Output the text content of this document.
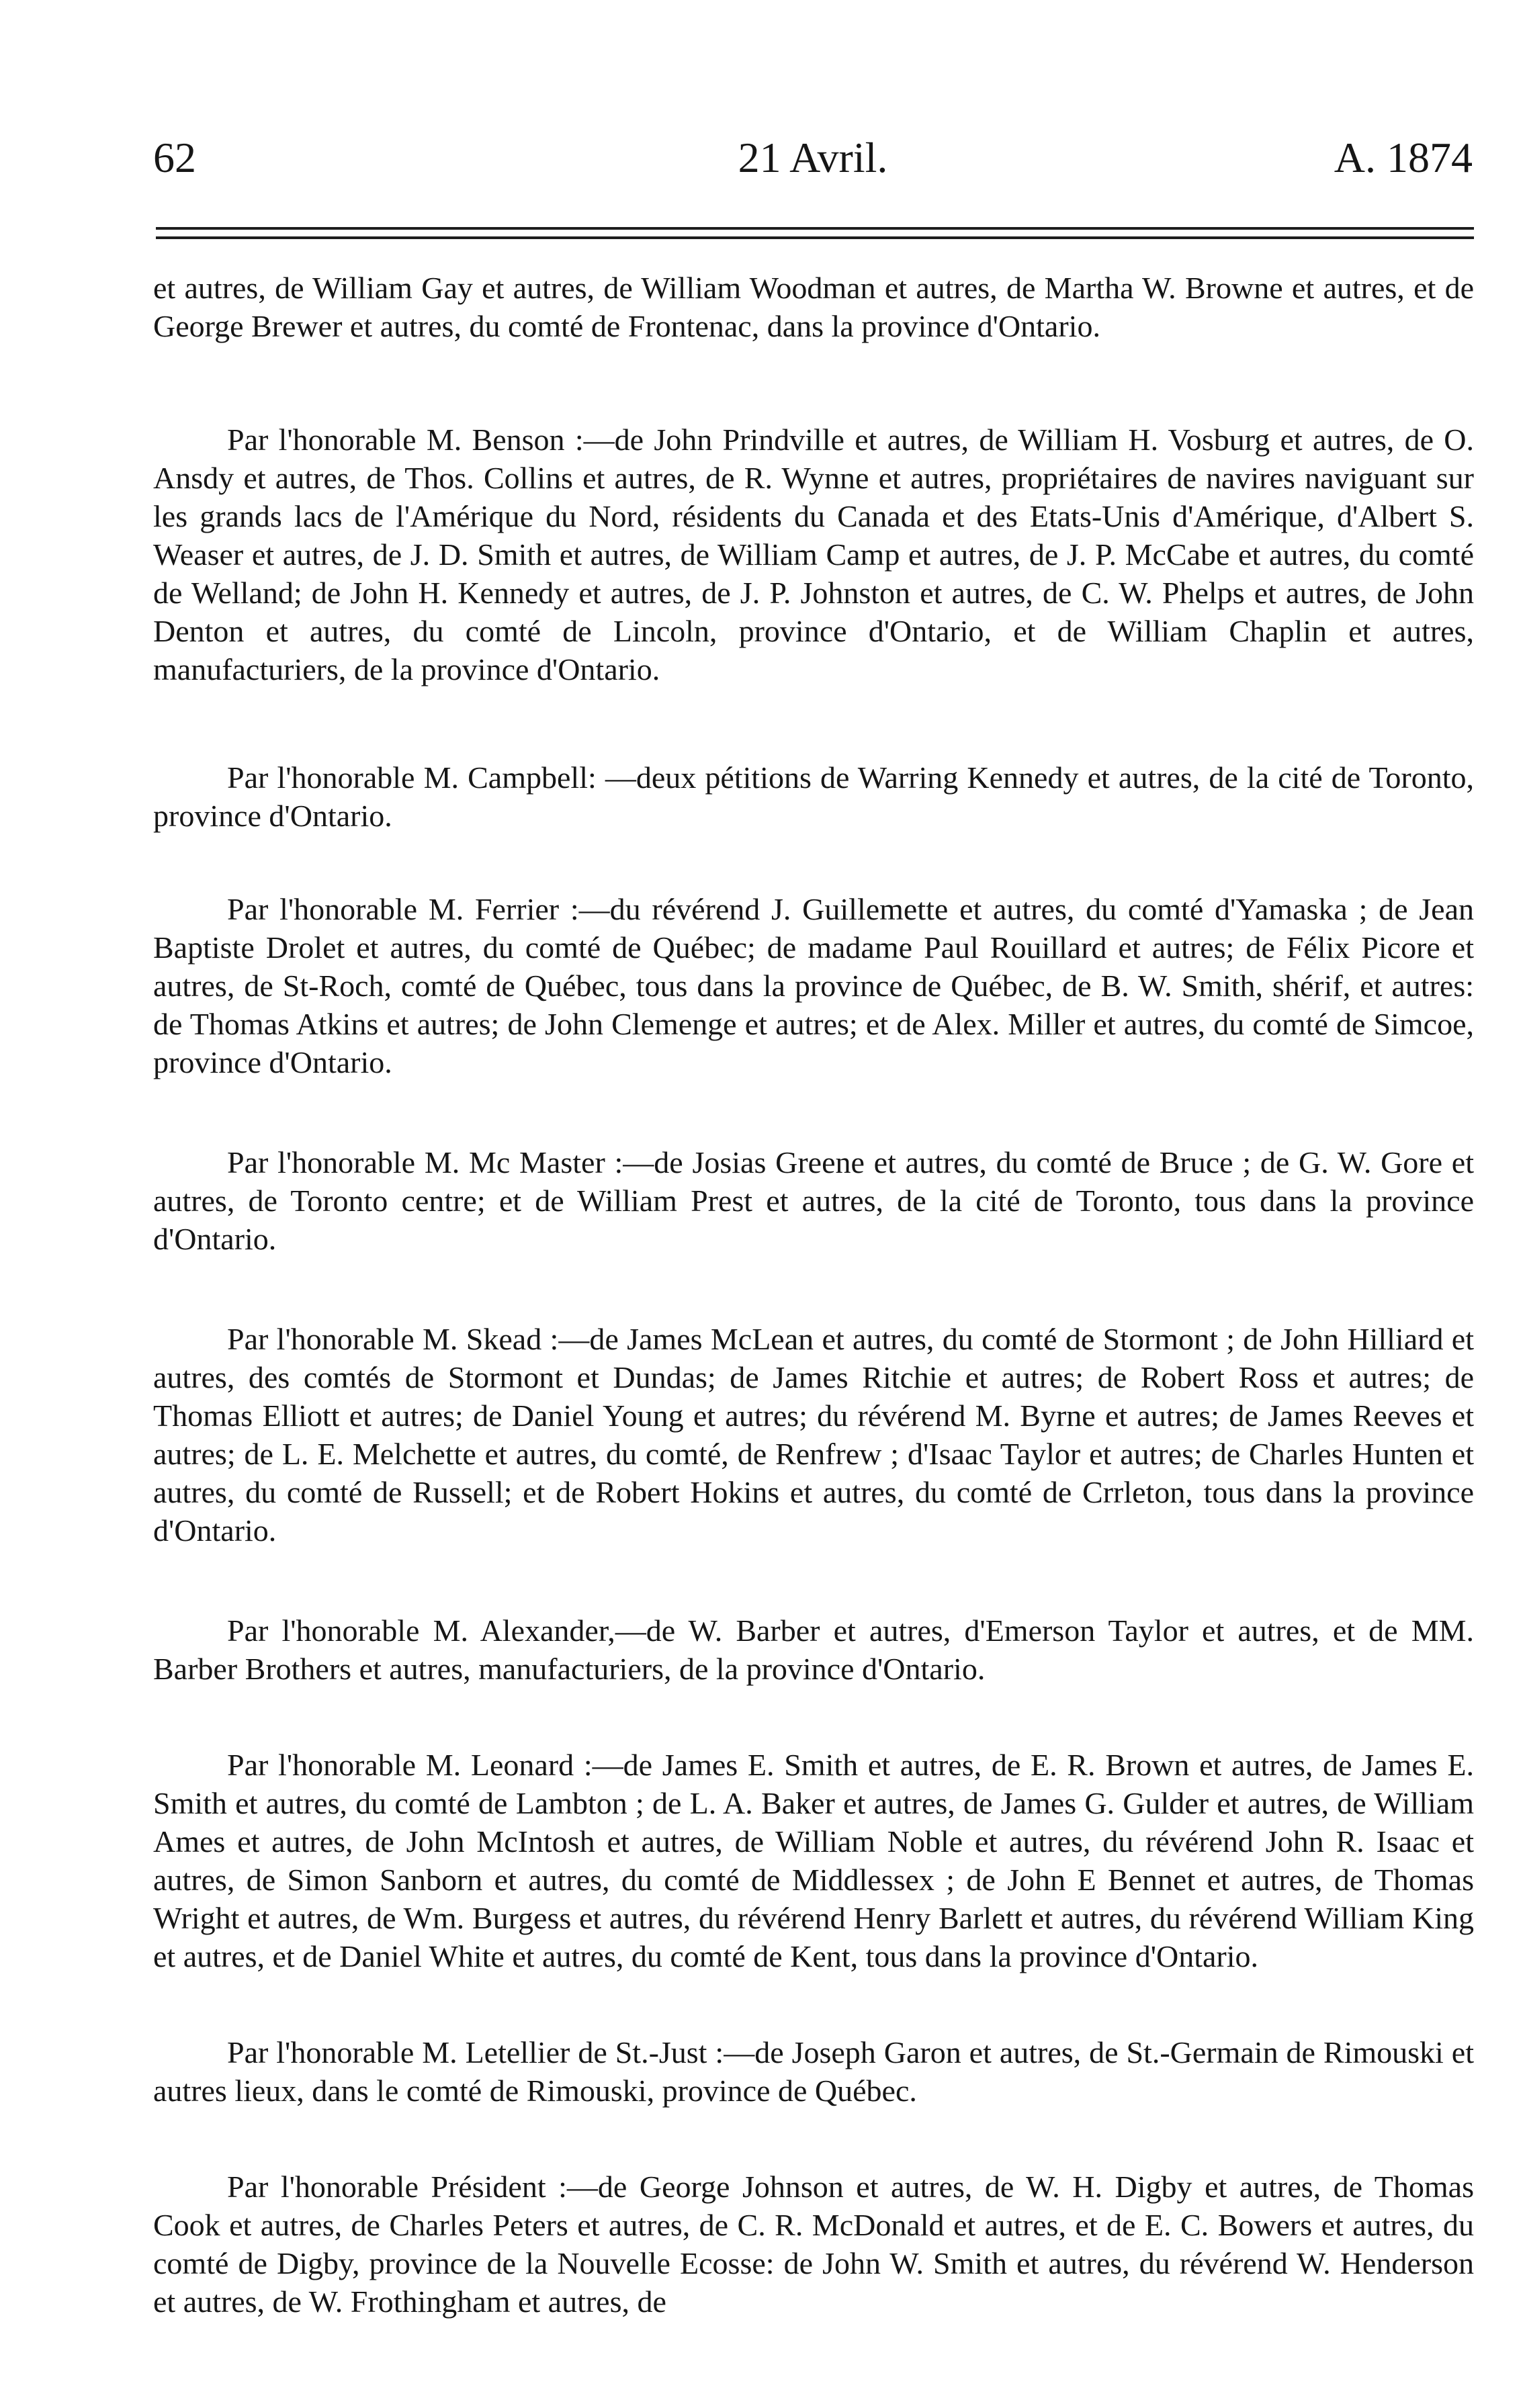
62	21 Avril.	A. 1874

et autres, de William Gay et autres, de William Woodman et autres, de Martha W. Browne et autres, et de George Brewer et autres, du comté de Frontenac, dans la province d'Ontario.

Par l'honorable M. Benson :—de John Prindville et autres, de William H. Vosburg et autres, de O. Ansdy et autres, de Thos. Collins et autres, de R. Wynne et autres, propriétaires de navires naviguant sur les grands lacs de l'Amérique du Nord, résidents du Canada et des Etats-Unis d'Amérique, d'Albert S. Weaser et autres, de J. D. Smith et autres, de William Camp et autres, de J. P. McCabe et autres, du comté de Welland; de John H. Kennedy et autres, de J. P. Johnston et autres, de C. W. Phelps et autres, de John Denton et autres, du comté de Lincoln, province d'Ontario, et de William Chaplin et autres, manufacturiers, de la province d'Ontario.

Par l'honorable M. Campbell: —deux pétitions de Warring Kennedy et autres, de la cité de Toronto, province d'Ontario.

Par l'honorable M. Ferrier :—du révérend J. Guillemette et autres, du comté d'Yamaska ; de Jean Baptiste Drolet et autres, du comté de Québec; de madame Paul Rouillard et autres; de Félix Picore et autres, de St-Roch, comté de Québec, tous dans la province de Québec, de B. W. Smith, shérif, et autres: de Thomas Atkins et autres; de John Clemenge et autres; et de Alex. Miller et autres, du comté de Simcoe, province d'Ontario.

Par l'honorable M. Mc Master :—de Josias Greene et autres, du comté de Bruce ; de G. W. Gore et autres, de Toronto centre; et de William Prest et autres, de la cité de Toronto, tous dans la province d'Ontario.

Par l'honorable M. Skead :—de James McLean et autres, du comté de Stormont ; de John Hilliard et autres, des comtés de Stormont et Dundas; de James Ritchie et autres; de Robert Ross et autres; de Thomas Elliott et autres; de Daniel Young et autres; du révérend M. Byrne et autres; de James Reeves et autres; de L. E. Melchette et autres, du comté, de Renfrew ; d'Isaac Taylor et autres; de Charles Hunten et autres, du comté de Russell; et de Robert Hokins et autres, du comté de Crrleton, tous dans la province d'Ontario.

Par l'honorable M. Alexander,—de W. Barber et autres, d'Emerson Taylor et autres, et de MM. Barber Brothers et autres, manufacturiers, de la province d'Ontario.

Par l'honorable M. Leonard :—de James E. Smith et autres, de E. R. Brown et autres, de James E. Smith et autres, du comté de Lambton ; de L. A. Baker et autres, de James G. Gulder et autres, de William Ames et autres, de John McIntosh et autres, de William Noble et autres, du révérend John R. Isaac et autres, de Simon Sanborn et autres, du comté de Middlessex ; de John E Bennet et autres, de Thomas Wright et autres, de Wm. Burgess et autres, du révérend Henry Barlett et autres, du révérend William King et autres, et de Daniel White et autres, du comté de Kent, tous dans la province d'Ontario.

Par l'honorable M. Letellier de St.-Just :—de Joseph Garon et autres, de St.-Germain de Rimouski et autres lieux, dans le comté de Rimouski, province de Québec.

Par l'honorable Président :—de George Johnson et autres, de W. H. Digby et autres, de Thomas Cook et autres, de Charles Peters et autres, de C. R. McDonald et autres, et de E. C. Bowers et autres, du comté de Digby, province de la Nouvelle Ecosse: de John W. Smith et autres, du révérend W. Henderson et autres, de W. Frothingham et autres, de
